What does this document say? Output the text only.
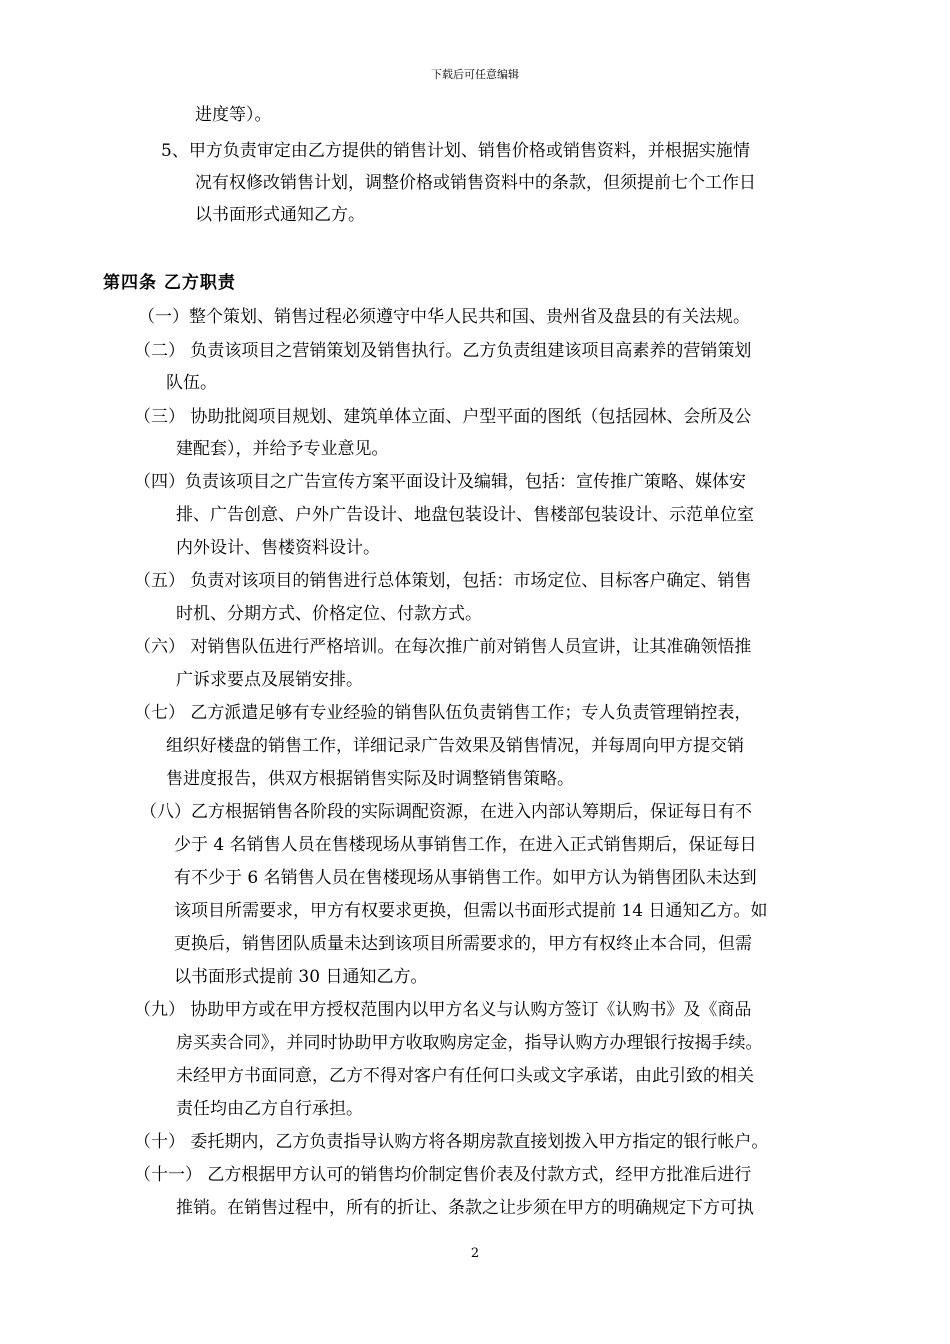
下载后可任意编辑
进度等）。
5、甲方负责审定由乙方提供的销售计划、销售价格或销售资料，并根据实施情
况有权修改销售计划，调整价格或销售资料中的条款，但须提前七个工作日
以书面形式通知乙方。
第四条 乙方职责
（一）整个策划、销售过程必须遵守中华人民共和国、贵州省及盘县的有关法规。
（二） 负责该项目之营销策划及销售执行。乙方负责组建该项目高素养的营销策划
队伍。
（三） 协助批阅项目规划、建筑单体立面、户型平面的图纸（包括园林、会所及公
建配套），并给予专业意见。
（四）负责该项目之广告宣传方案平面设计及编辑，包括：宣传推广策略、媒体安
排、广告创意、户外广告设计、地盘包装设计、售楼部包装设计、示范单位室
内外设计、售楼资料设计。
（五） 负责对该项目的销售进行总体策划，包括：市场定位、目标客户确定、销售
时机、分期方式、价格定位、付款方式。
（六） 对销售队伍进行严格培训。在每次推广前对销售人员宣讲，让其准确领悟推
广诉求要点及展销安排。
（七） 乙方派遣足够有专业经验的销售队伍负责销售工作；专人负责管理销控表，
组织好楼盘的销售工作，详细记录广告效果及销售情况，并每周向甲方提交销
售进度报告，供双方根据销售实际及时调整销售策略。
（八）乙方根据销售各阶段的实际调配资源，在进入内部认筹期后，保证每日有不
少于 4 名销售人员在售楼现场从事销售工作，在进入正式销售期后，保证每日
有不少于 6 名销售人员在售楼现场从事销售工作。如甲方认为销售团队未达到
该项目所需要求，甲方有权要求更换，但需以书面形式提前 14 日通知乙方。如
更换后，销售团队质量未达到该项目所需要求的，甲方有权终止本合同，但需
以书面形式提前 30 日通知乙方。
（九） 协助甲方或在甲方授权范围内以甲方名义与认购方签订《认购书》及《商品
房买卖合同》，并同时协助甲方收取购房定金，指导认购方办理银行按揭手续。
未经甲方书面同意，乙方不得对客户有任何口头或文字承诺，由此引致的相关
责任均由乙方自行承担。
（十） 委托期内，乙方负责指导认购方将各期房款直接划拨入甲方指定的银行帐户。
（十一） 乙方根据甲方认可的销售均价制定售价表及付款方式，经甲方批准后进行
推销。在销售过程中，所有的折让、条款之让步须在甲方的明确规定下方可执
2
